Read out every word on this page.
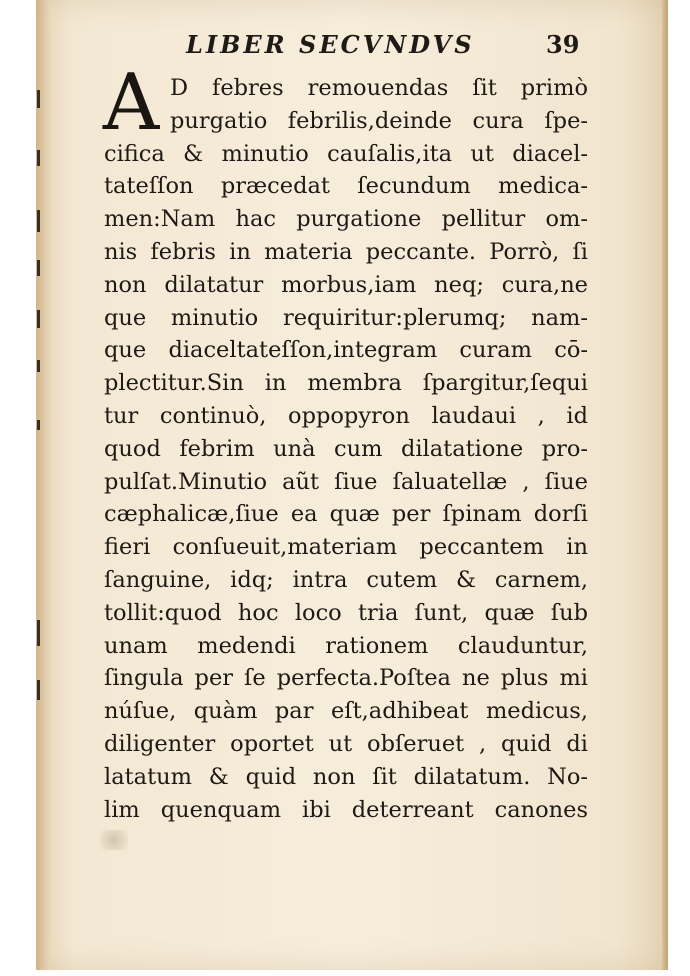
LIBER SECVNDVS	39
A D febres remouendas ſit primò
purgatio febrilis,deinde cura ſpe-
cifica & minutio cauſalis,ita ut diacel-
tateſſon præcedat ſecundum medica-
men:Nam hac purgatione pellitur om-
nis febris in materia peccante. Porrò, ſi
non dilatatur morbus,iam neq; cura,ne
que minutio requiritur:plerumq; nam-
que diaceltateſſon,integram curam cō-
plectitur.Sin in membra ſpargitur,ſequi
tur continuò, oppopyron laudaui , id
quod febrim unà cum dilatatione pro-
pulſat.Minutio aũt ſiue ſaluatellæ , ſiue
cæphalicæ,ſiue ea quæ per ſpinam dorſi
fieri conſueuit,materiam peccantem in
ſanguine, idq; intra cutem & carnem,
tollit:quod hoc loco tria ſunt, quæ ſub
unam medendi rationem clauduntur,
ſingula per ſe perfecta.Poſtea ne plus mi
núſue, quàm par eſt,adhibeat medicus,
diligenter oportet ut obſeruet , quid di
latatum & quid non ſit dilatatum. No-
lim quenquam ibi deterreant canones
